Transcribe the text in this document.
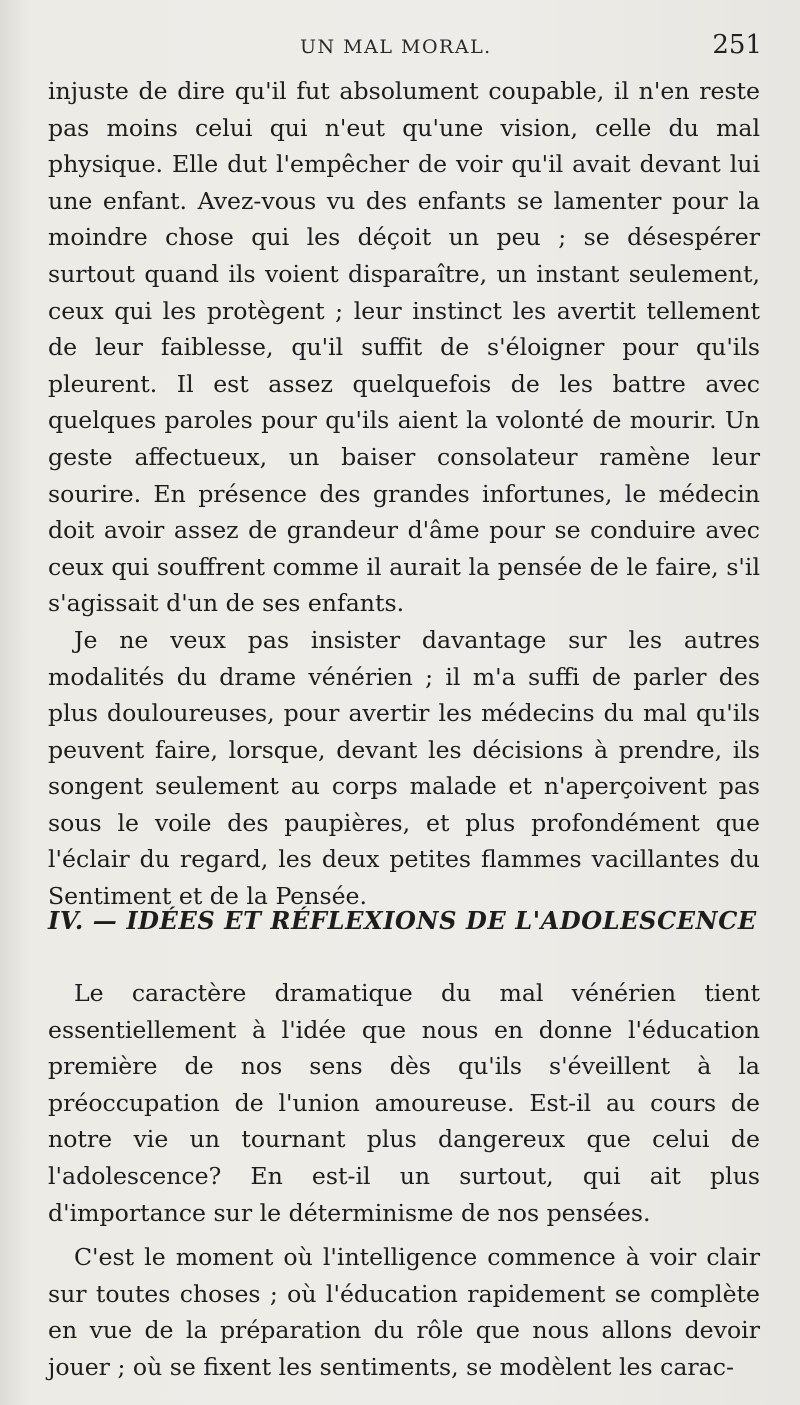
UN MAL MORAL.	251

injuste de dire qu'il fut absolument coupable, il n'en reste pas moins celui qui n'eut qu'une vision, celle du mal physique. Elle dut l'empêcher de voir qu'il avait devant lui une enfant. Avez-vous vu des enfants se lamenter pour la moindre chose qui les déçoit un peu ; se désespérer surtout quand ils voient disparaître, un instant seulement, ceux qui les protègent ; leur instinct les avertit tellement de leur faiblesse, qu'il suffit de s'éloigner pour qu'ils pleurent. Il est assez quelquefois de les battre avec quelques paroles pour qu'ils aient la volonté de mourir. Un geste affectueux, un baiser consolateur ramène leur sourire. En présence des grandes infortunes, le médecin doit avoir assez de grandeur d'âme pour se conduire avec ceux qui souffrent comme il aurait la pensée de le faire, s'il s'agissait d'un de ses enfants.

Je ne veux pas insister davantage sur les autres modalités du drame vénérien ; il m'a suffi de parler des plus douloureuses, pour avertir les médecins du mal qu'ils peuvent faire, lorsque, devant les décisions à prendre, ils songent seulement au corps malade et n'aperçoivent pas sous le voile des paupières, et plus profondément que l'éclair du regard, les deux petites flammes vacillantes du Sentiment et de la Pensée.

IV. — IDÉES ET RÉFLEXIONS DE L'ADOLESCENCE

Le caractère dramatique du mal vénérien tient essentiellement à l'idée que nous en donne l'éducation première de nos sens dès qu'ils s'éveillent à la préoccupation de l'union amoureuse. Est-il au cours de notre vie un tournant plus dangereux que celui de l'adolescence? En est-il un surtout, qui ait plus d'importance sur le déterminisme de nos pensées.

C'est le moment où l'intelligence commence à voir clair sur toutes choses ; où l'éducation rapidement se complète en vue de la préparation du rôle que nous allons devoir jouer ; où se fixent les sentiments, se modèlent les carac-
